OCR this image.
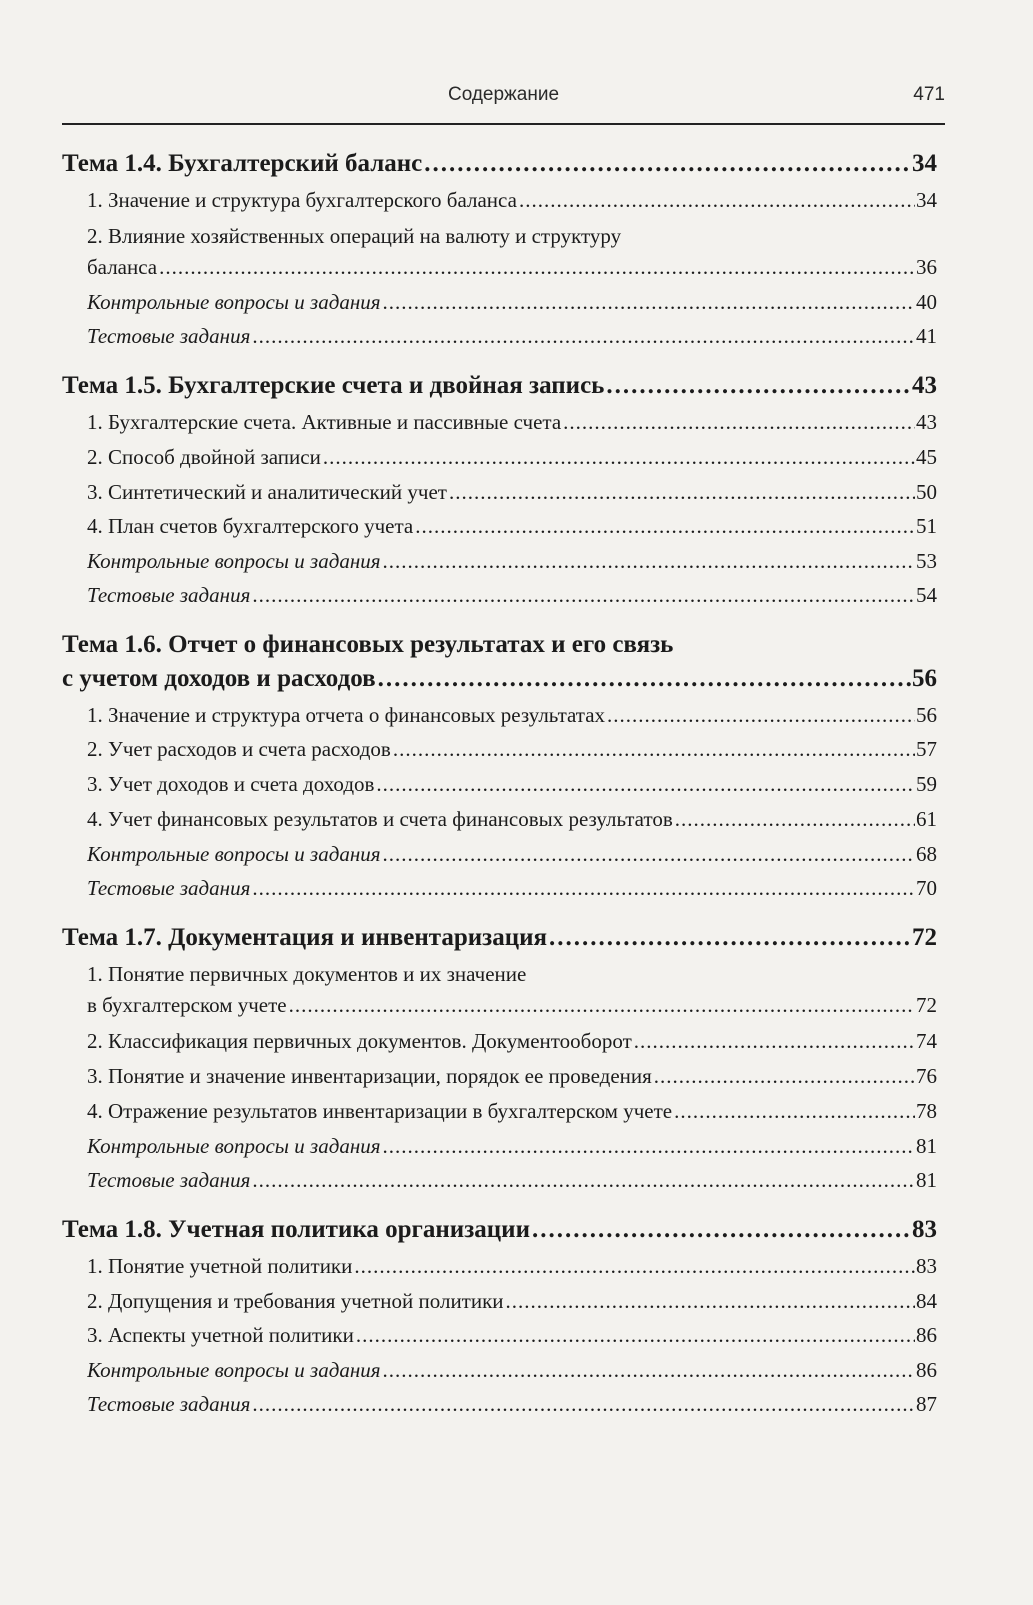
Содержание	471
Тема 1.4. Бухгалтерский баланс .....	34
1. Значение и структура бухгалтерского баланса .....	34
2. Влияние хозяйственных операций на валюту и структуру
баланса .....	36
Контрольные вопросы и задания .....	40
Тестовые задания .....	41
Тема 1.5. Бухгалтерские счета и двойная запись .....	43
1. Бухгалтерские счета. Активные и пассивные счета .....	43
2. Способ двойной записи .....	45
3. Синтетический и аналитический учет .....	50
4. План счетов бухгалтерского учета .....	51
Контрольные вопросы и задания .....	53
Тестовые задания .....	54
Тема 1.6. Отчет о финансовых результатах и его связь
с учетом доходов и расходов .....	56
1. Значение и структура отчета о финансовых результатах .....	56
2. Учет расходов и счета расходов .....	57
3. Учет доходов и счета доходов .....	59
4. Учет финансовых результатов и счета финансовых результатов .....	61
Контрольные вопросы и задания .....	68
Тестовые задания .....	70
Тема 1.7. Документация и инвентаризация .....	72
1. Понятие первичных документов и их значение
в бухгалтерском учете .....	72
2. Классификация первичных документов. Документооборот .....	74
3. Понятие и значение инвентаризации, порядок ее проведения .....	76
4. Отражение результатов инвентаризации в бухгалтерском учете .....	78
Контрольные вопросы и задания .....	81
Тестовые задания .....	81
Тема 1.8. Учетная политика организации .....	83
1. Понятие учетной политики .....	83
2. Допущения и требования учетной политики .....	84
3. Аспекты учетной политики .....	86
Контрольные вопросы и задания .....	86
Тестовые задания .....	87
